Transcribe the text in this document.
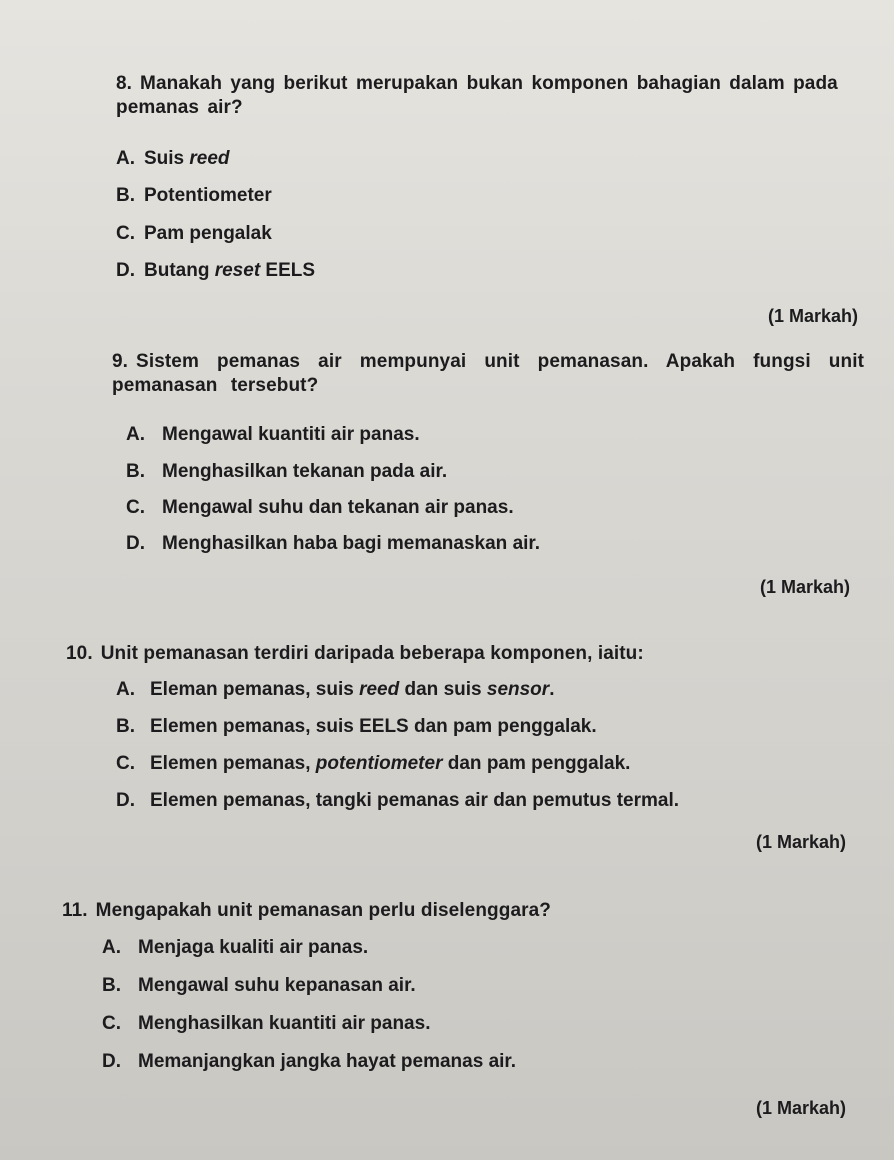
8. Manakah yang berikut merupakan bukan komponen bahagian dalam pada pemanas air?
A. Suis reed
B. Potentiometer
C. Pam pengalak
D. Butang reset EELS
(1 Markah)
9. Sistem pemanas air mempunyai unit pemanasan. Apakah fungsi unit pemanasan tersebut?
A. Mengawal kuantiti air panas.
B. Menghasilkan tekanan pada air.
C. Mengawal suhu dan tekanan air panas.
D. Menghasilkan haba bagi memanaskan air.
(1 Markah)
10. Unit pemanasan terdiri daripada beberapa komponen, iaitu:
A. Eleman pemanas, suis reed dan suis sensor.
B. Elemen pemanas, suis EELS dan pam penggalak.
C. Elemen pemanas, potentiometer dan pam penggalak.
D. Elemen pemanas, tangki pemanas air dan pemutus termal.
(1 Markah)
11. Mengapakah unit pemanasan perlu diselenggara?
A. Menjaga kualiti air panas.
B. Mengawal suhu kepanasan air.
C. Menghasilkan kuantiti air panas.
D. Memanjangkan jangka hayat pemanas air.
(1 Markah)
